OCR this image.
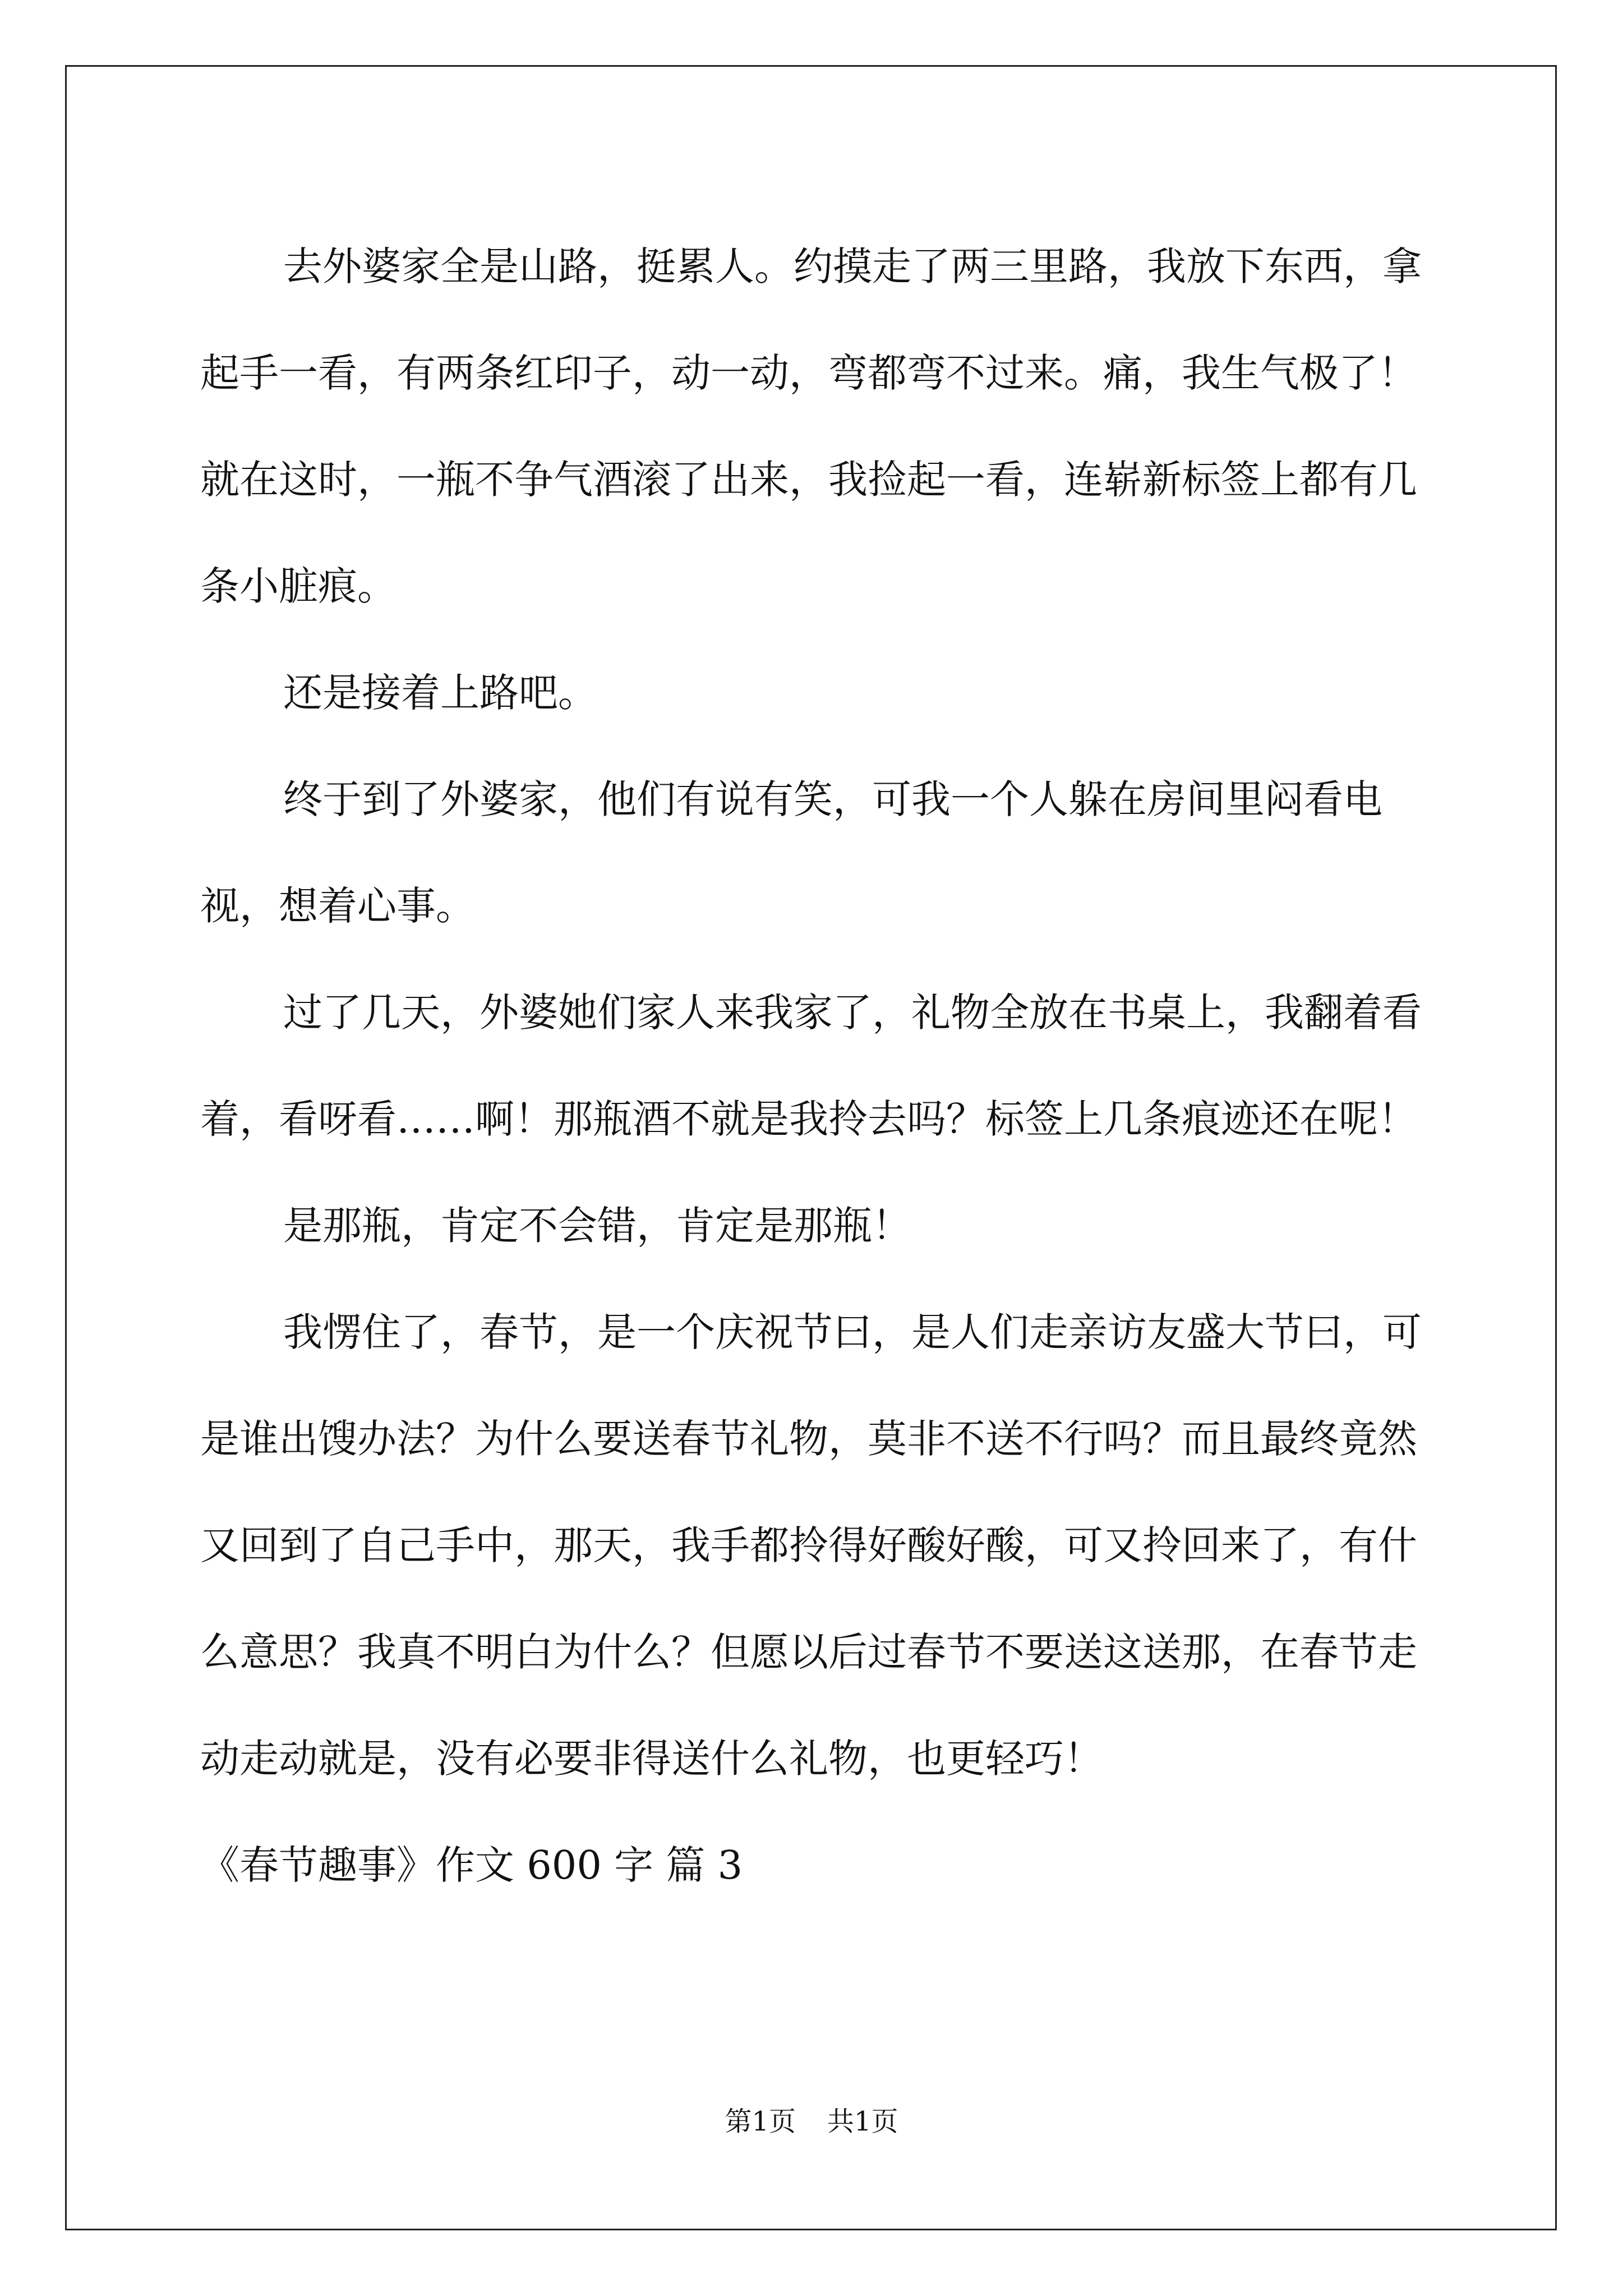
去外婆家全是山路，挺累人。约摸走了两三里路，我放下东西，拿起手一看，有两条红印子，动一动，弯都弯不过来。痛，我生气极了！就在这时，一瓶不争气酒滚了出来，我捡起一看，连崭新标签上都有几条小脏痕。

还是接着上路吧。

终于到了外婆家，他们有说有笑，可我一个人躲在房间里闷看电视，想着心事。

过了几天，外婆她们家人来我家了，礼物全放在书桌上，我翻着看着，看呀看……啊！那瓶酒不就是我拎去吗？标签上几条痕迹还在呢！

是那瓶，肯定不会错，肯定是那瓶！

我愣住了，春节，是一个庆祝节曰，是人们走亲访友盛大节曰，可是谁出馊办法？为什么要送春节礼物，莫非不送不行吗？而且最终竟然又回到了自己手中，那天，我手都拎得好酸好酸，可又拎回来了，有什么意思？我真不明白为什么？但愿以后过春节不要送这送那，在春节走动走动就是，没有必要非得送什么礼物，也更轻巧！

《春节趣事》作文 600 字 篇 3

第1页 共1页
